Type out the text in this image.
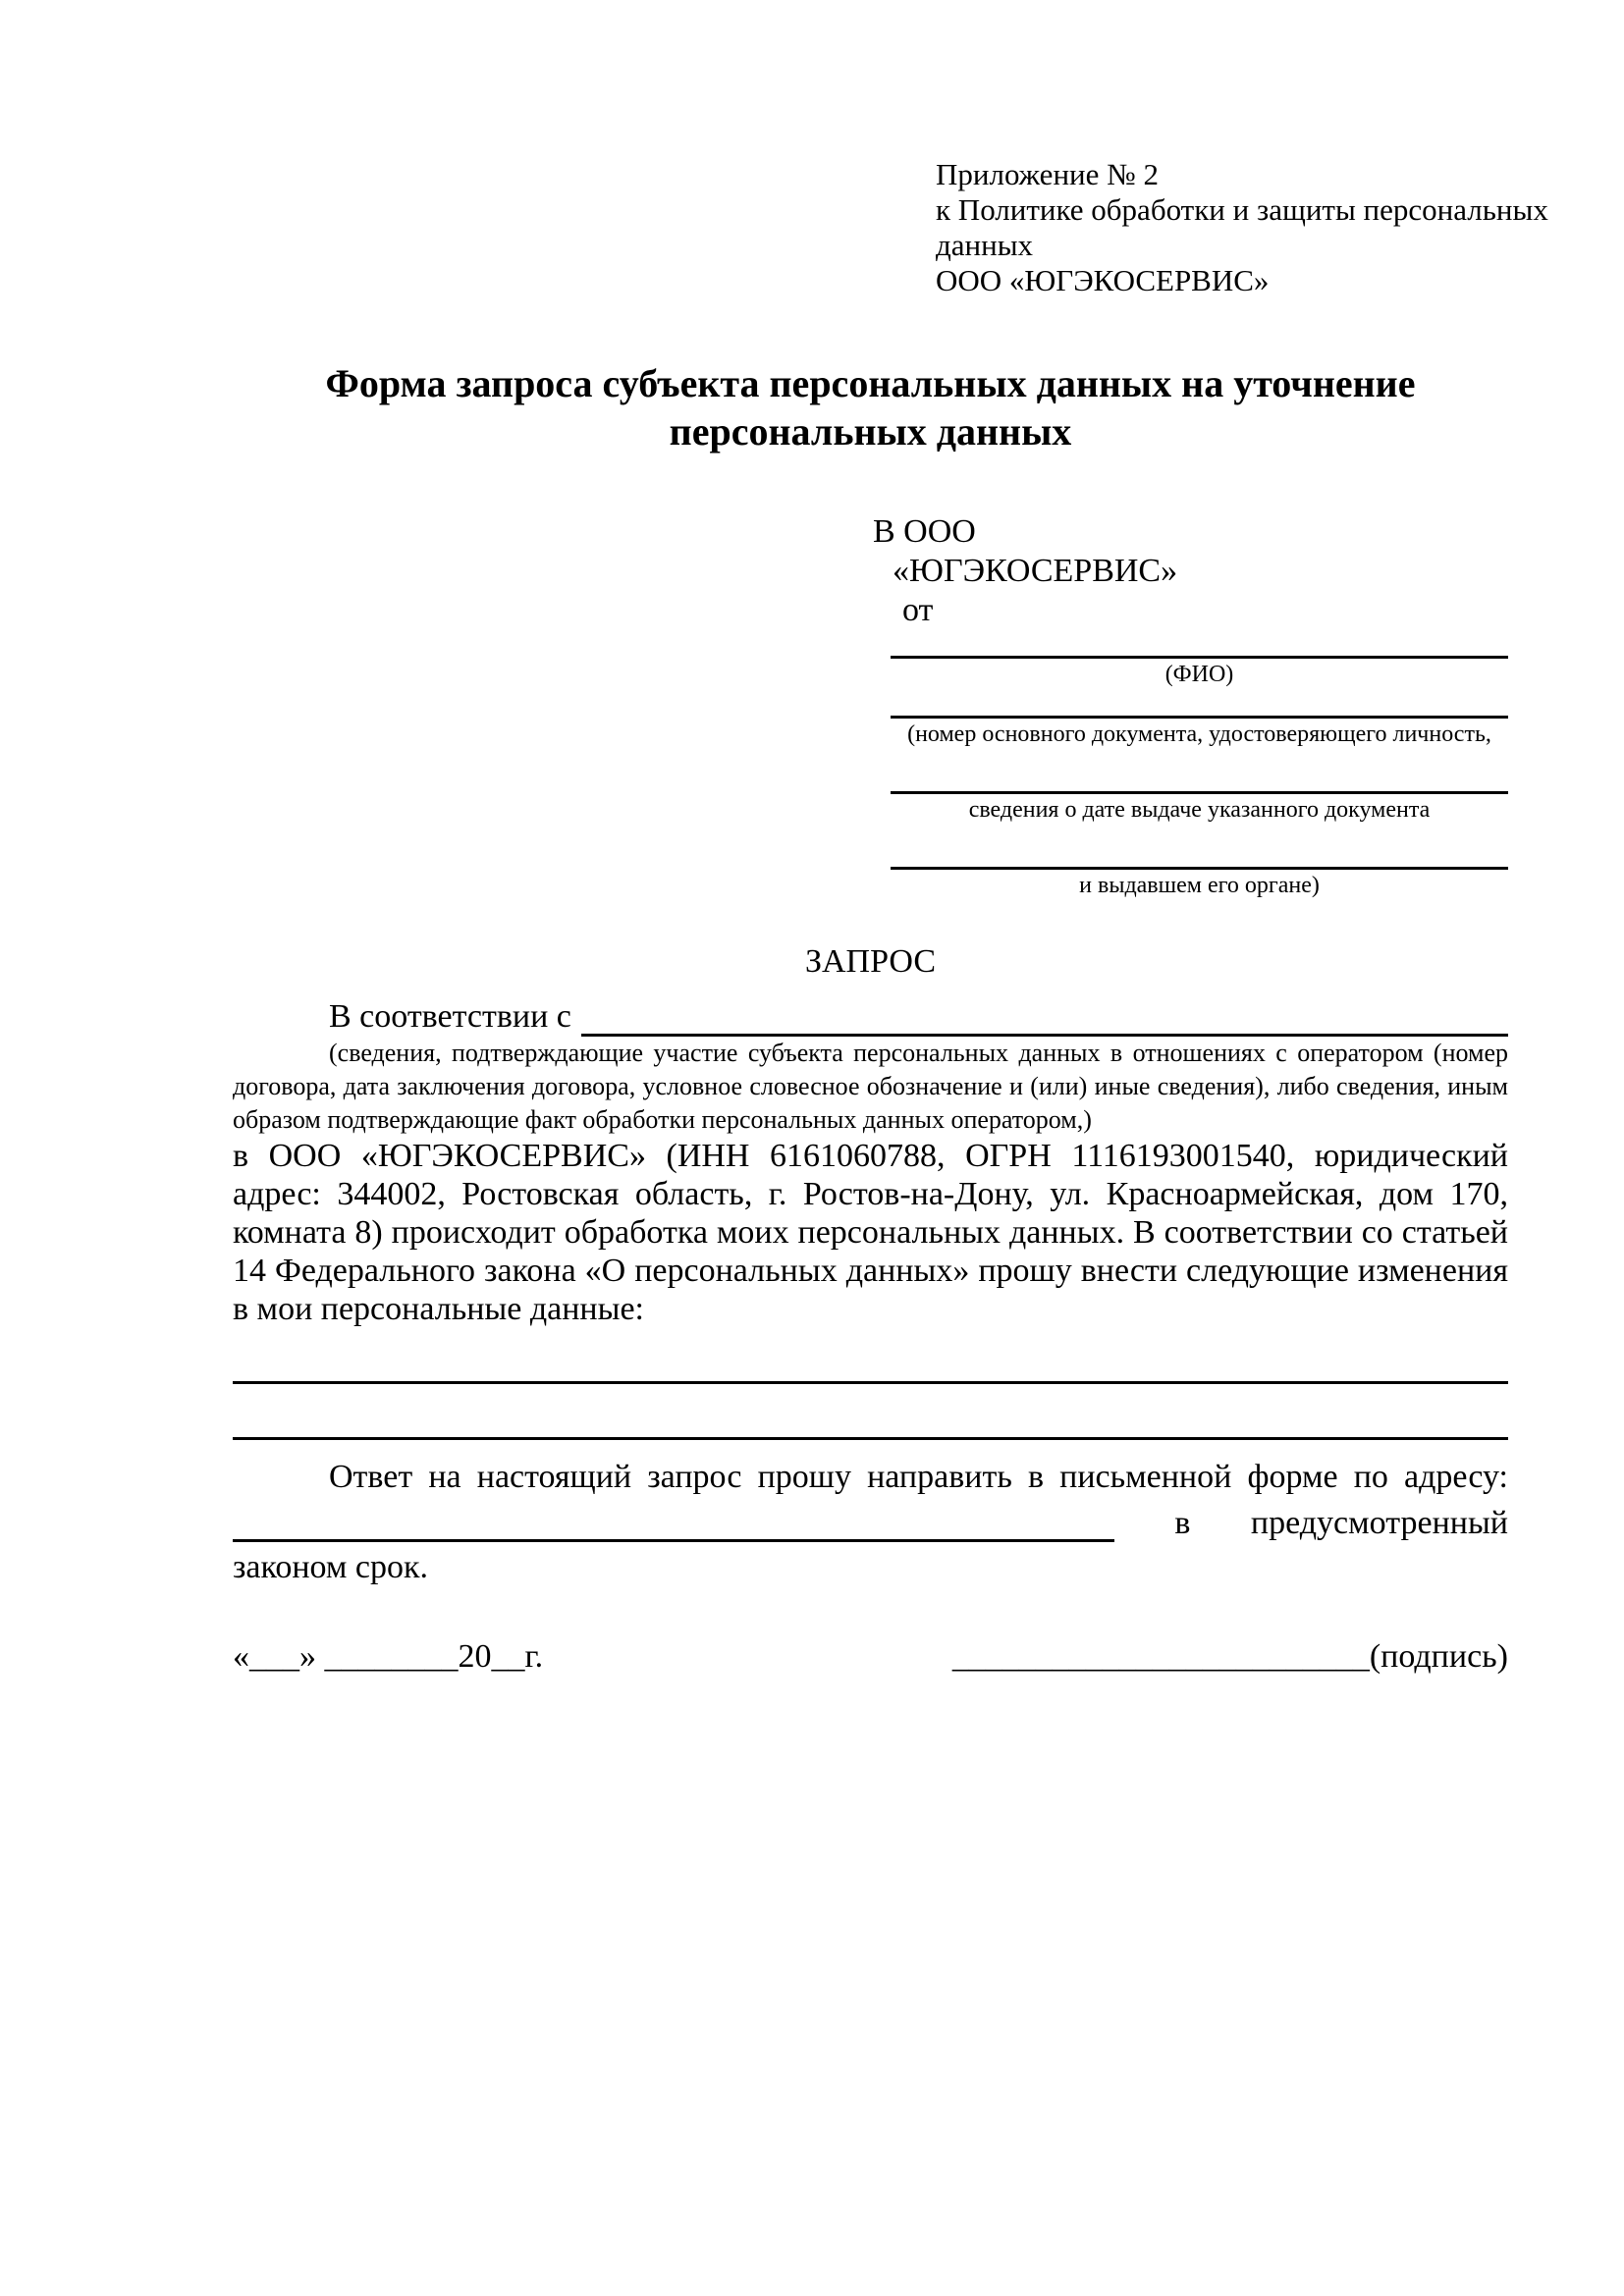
Приложение № 2
к Политике обработки и защиты персональных
данных
ООО «ЮГЭКОСЕРВИС»
Форма запроса субъекта персональных данных на уточнение персональных данных
В ООО
«ЮГЭКОСЕРВИС»
от
(ФИО)
(номер основного документа, удостоверяющего личность,
сведения о дате выдаче указанного документа
и выдавшем его органе)
ЗАПРОС
В соответствии с
(сведения, подтверждающие участие субъекта персональных данных в отношениях с оператором (номер договора, дата заключения договора, условное словесное обозначение и (или) иные сведения), либо сведения, иным образом подтверждающие факт обработки персональных данных оператором,)
в ООО «ЮГЭКОСЕРВИС» (ИНН 6161060788, ОГРН 1116193001540, юридический адрес: 344002, Ростовская область, г. Ростов-на-Дону, ул. Красноармейская, дом 170, комната 8) происходит обработка моих персональных данных. В соответствии со статьей 14 Федерального закона «О персональных данных» прошу внести следующие изменения в мои персональные данные:
Ответ на настоящий запрос прошу направить в письменной форме по адресу:
в предусмотренный
законом срок.
«___» ________20__г.	_________________________(подпись)
